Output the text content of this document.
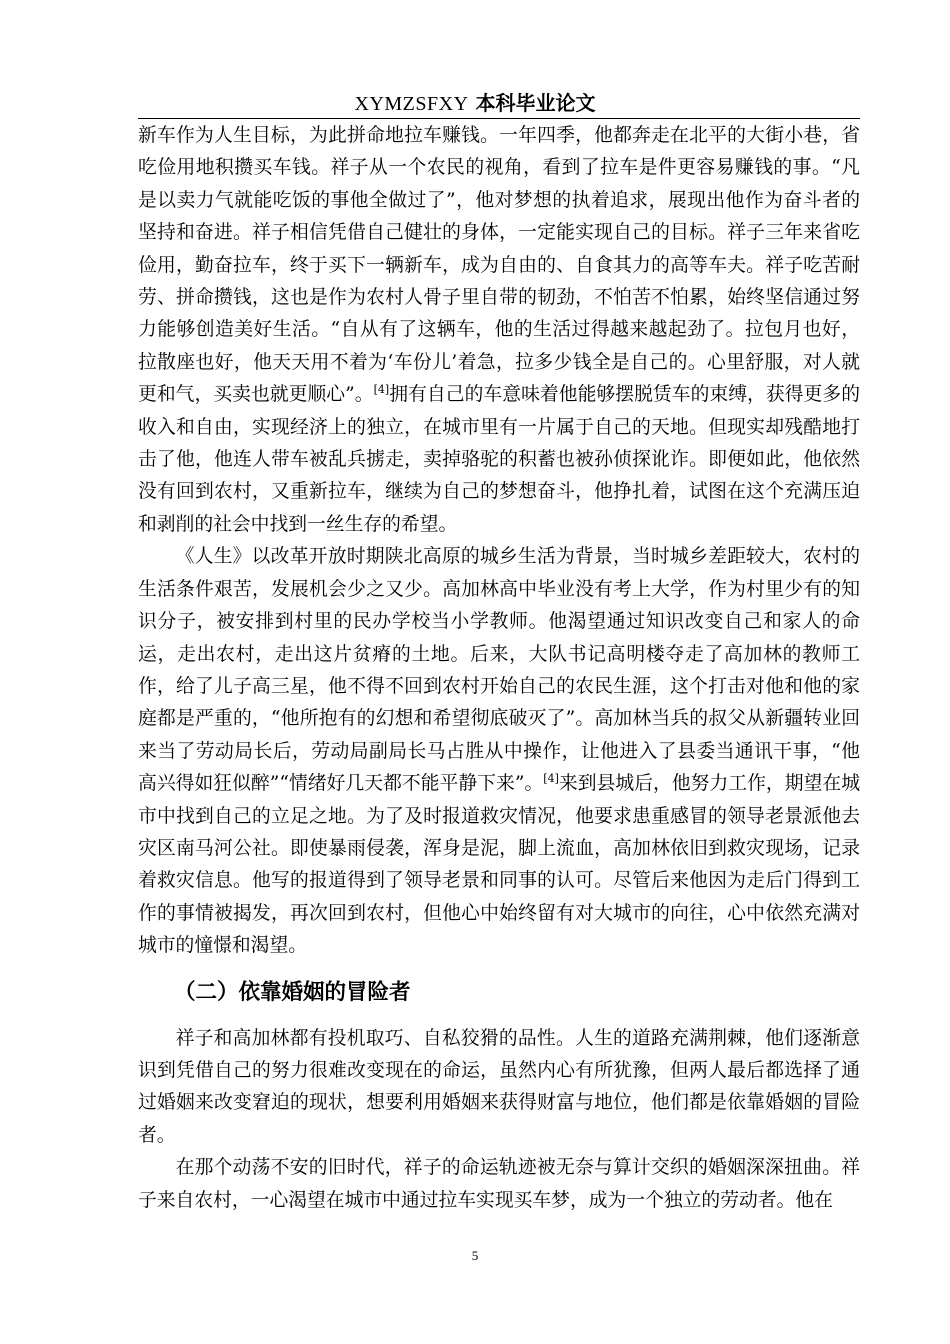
XYMZSFXY 本科毕业论文

新车作为人生目标，为此拼命地拉车赚钱。一年四季，他都奔走在北平的大街小巷，省吃俭用地积攒买车钱。祥子从一个农民的视角，看到了拉车是件更容易赚钱的事。“凡是以卖力气就能吃饭的事他全做过了”，他对梦想的执着追求，展现出他作为奋斗者的坚持和奋进。祥子相信凭借自己健壮的身体，一定能实现自己的目标。祥子三年来省吃俭用，勤奋拉车，终于买下一辆新车，成为自由的、自食其力的高等车夫。祥子吃苦耐劳、拼命攒钱，这也是作为农村人骨子里自带的韧劲，不怕苦不怕累，始终坚信通过努力能够创造美好生活。“自从有了这辆车，他的生活过得越来越起劲了。拉包月也好，拉散座也好，他天天用不着为‘车份儿’着急，拉多少钱全是自己的。心里舒服，对人就更和气，买卖也就更顺心”。[4]拥有自己的车意味着他能够摆脱赁车的束缚，获得更多的收入和自由，实现经济上的独立，在城市里有一片属于自己的天地。但现实却残酷地打击了他，他连人带车被乱兵掳走，卖掉骆驼的积蓄也被孙侦探讹诈。即便如此，他依然没有回到农村，又重新拉车，继续为自己的梦想奋斗，他挣扎着，试图在这个充满压迫和剥削的社会中找到一丝生存的希望。

《人生》以改革开放时期陕北高原的城乡生活为背景，当时城乡差距较大，农村的生活条件艰苦，发展机会少之又少。高加林高中毕业没有考上大学，作为村里少有的知识分子，被安排到村里的民办学校当小学教师。他渴望通过知识改变自己和家人的命运，走出农村，走出这片贫瘠的土地。后来，大队书记高明楼夺走了高加林的教师工作，给了儿子高三星，他不得不回到农村开始自己的农民生涯，这个打击对他和他的家庭都是严重的，“他所抱有的幻想和希望彻底破灭了”。高加林当兵的叔父从新疆转业回来当了劳动局长后，劳动局副局长马占胜从中操作，让他进入了县委当通讯干事，“他高兴得如狂似醉”“情绪好几天都不能平静下来”。[4]来到县城后，他努力工作，期望在城市中找到自己的立足之地。为了及时报道救灾情况，他要求患重感冒的领导老景派他去灾区南马河公社。即使暴雨侵袭，浑身是泥，脚上流血，高加林依旧到救灾现场，记录着救灾信息。他写的报道得到了领导老景和同事的认可。尽管后来他因为走后门得到工作的事情被揭发，再次回到农村，但他心中始终留有对大城市的向往，心中依然充满对城市的憧憬和渴望。

（二）依靠婚姻的冒险者

祥子和高加林都有投机取巧、自私狡猾的品性。人生的道路充满荆棘，他们逐渐意识到凭借自己的努力很难改变现在的命运，虽然内心有所犹豫，但两人最后都选择了通过婚姻来改变窘迫的现状，想要利用婚姻来获得财富与地位，他们都是依靠婚姻的冒险者。

在那个动荡不安的旧时代，祥子的命运轨迹被无奈与算计交织的婚姻深深扭曲。祥子来自农村，一心渴望在城市中通过拉车实现买车梦，成为一个独立的劳动者。他在

5
